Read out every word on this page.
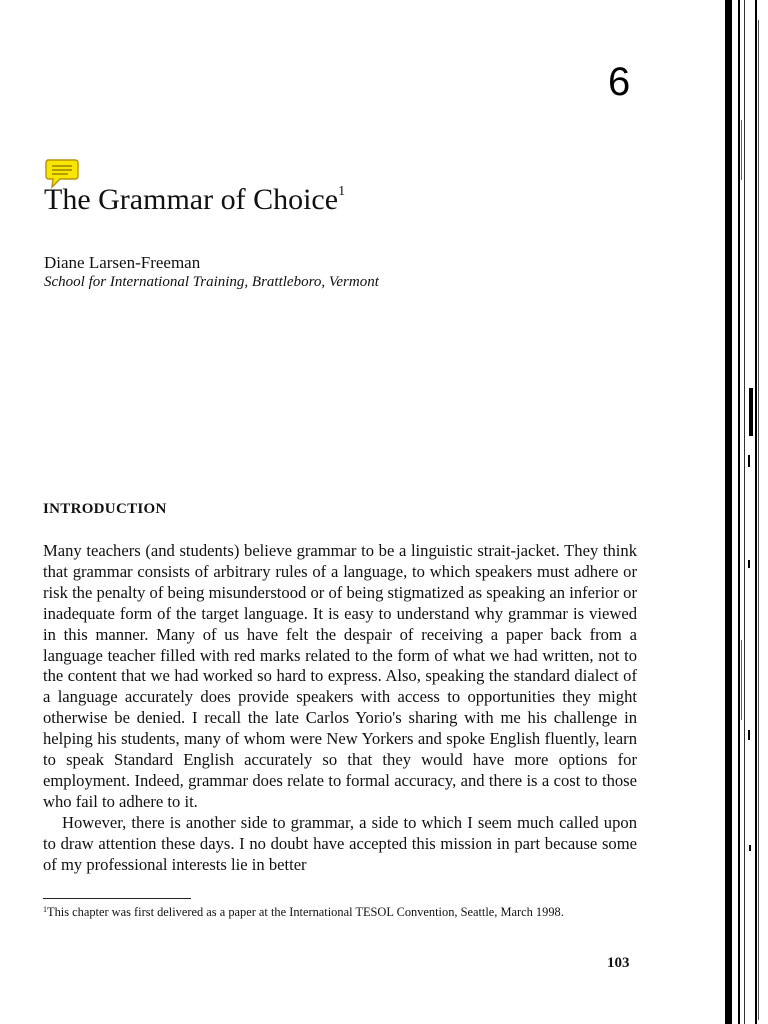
6
The Grammar of Choice$^1$
Diane Larsen-Freeman
School for International Training, Brattleboro, Vermont
INTRODUCTION

Many teachers (and students) believe grammar to be a linguistic strait-jacket. They think that grammar consists of arbitrary rules of a language, to which speakers must adhere or risk the penalty of being misunderstood or of being stigmatized as speaking an inferior or inadequate form of the target language. It is easy to understand why grammar is viewed in this manner. Many of us have felt the despair of receiving a paper back from a language teacher filled with red marks related to the form of what we had written, not to the content that we had worked so hard to express. Also, speaking the standard dialect of a language accurately does provide speakers with access to opportunities they might otherwise be denied. I recall the late Carlos Yorio's sharing with me his challenge in helping his students, many of whom were New Yorkers and spoke English fluently, learn to speak Standard English accurately so that they would have more options for employment. Indeed, grammar does relate to formal accuracy, and there is a cost to those who fail to adhere to it.

However, there is another side to grammar, a side to which I seem much called upon to draw attention these days. I no doubt have accepted this mission in part because some of my professional interests lie in better

$^1$This chapter was first delivered as a paper at the International TESOL Convention, Seattle, March 1998.

103
